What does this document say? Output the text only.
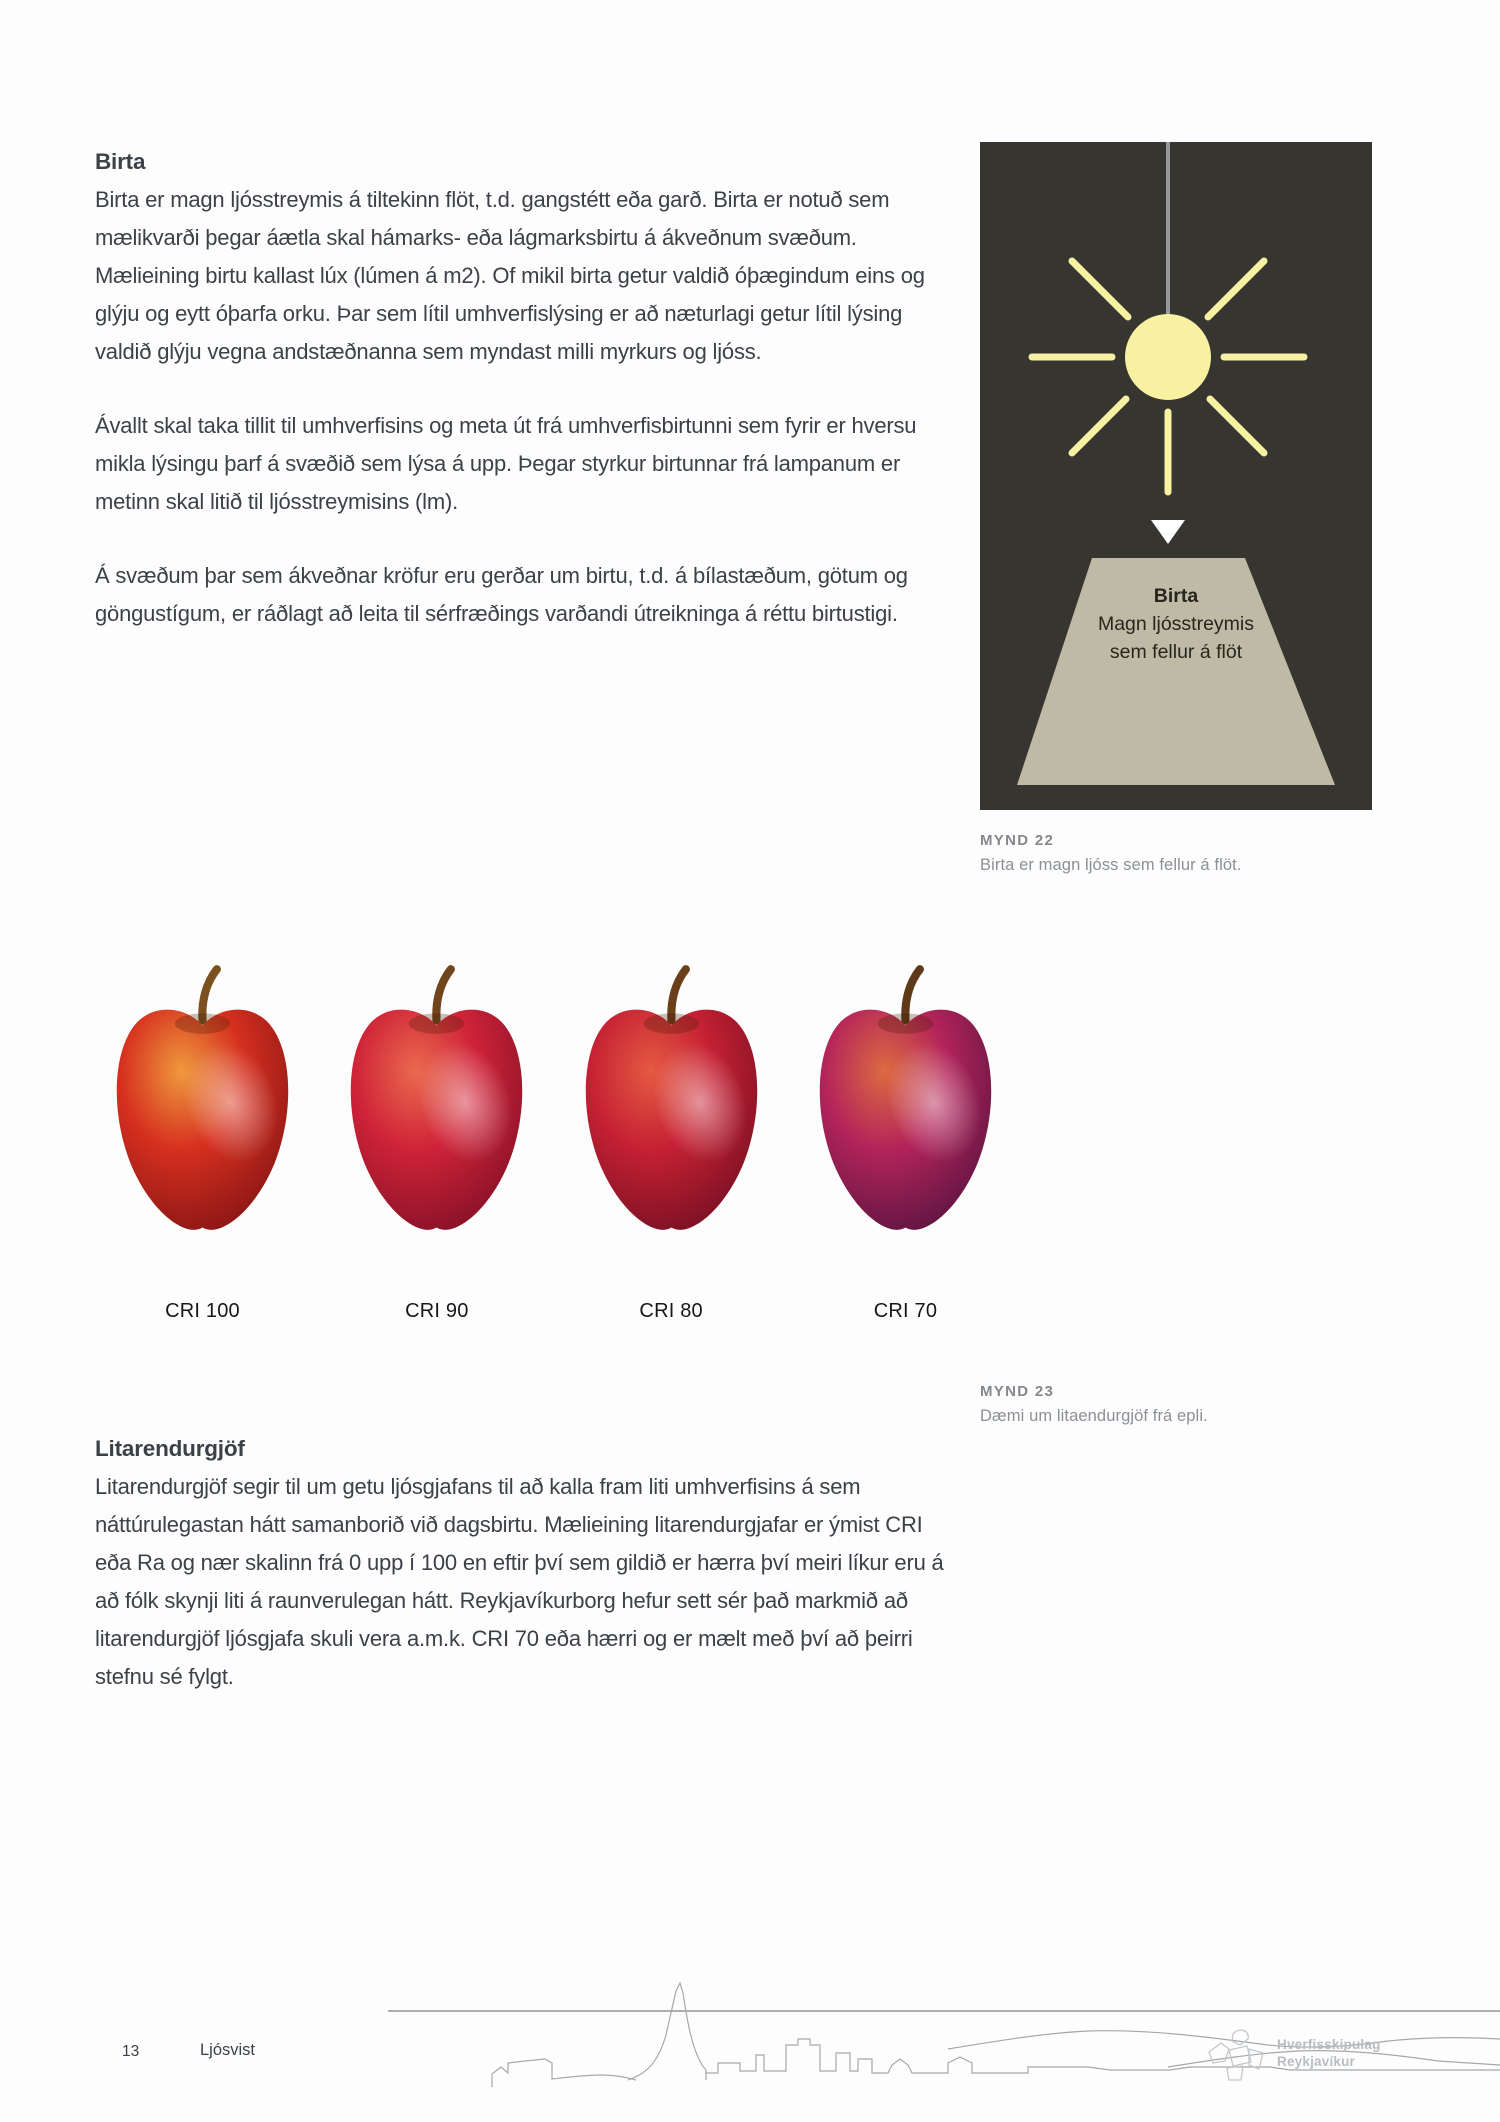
Birta

Birta er magn ljósstreymis á tiltekinn flöt, t.d. gangstétt eða garð. Birta er notuð sem mælikvarði þegar áætla skal hámarks- eða lágmarksbirtu á ákveðnum svæðum. Mælieining birtu kallast lúx (lúmen á m2). Of mikil birta getur valdið óþægindum eins og glýju og eytt óþarfa orku. Þar sem lítil umhverfislýsing er að næturlagi getur lítil lýsing valdið glýju vegna andstæðnanna sem myndast milli myrkurs og ljóss.

Ávallt skal taka tillit til umhverfisins og meta út frá umhverfisbirtunni sem fyrir er hversu mikla lýsingu þarf á svæðið sem lýsa á upp. Þegar styrkur birtunnar frá lampanum er metinn skal litið til ljósstreymisins (lm).

Á svæðum þar sem ákveðnar kröfur eru gerðar um birtu, t.d. á bílastæðum, götum og göngustígum, er ráðlagt að leita til sérfræðings varðandi útreikninga á réttu birtustigi.

Birta
Magn ljósstreymis
sem fellur á flöt
MYND 22
Birta er magn ljóss sem fellur á flöt.
CRI 100	CRI 90	CRI 80	CRI 70
MYND 23
Dæmi um litaendurgjöf frá epli.

Litarendurgjöf

Litarendurgjöf segir til um getu ljósgjafans til að kalla fram liti umhverfisins á sem náttúrulegastan hátt samanborið við dagsbirtu. Mælieining litarendurgjafar er ýmist CRI eða Ra og nær skalinn frá 0 upp í 100 en eftir því sem gildið er hærra því meiri líkur eru á að fólk skynji liti á raunverulegan hátt. Reykjavíkurborg hefur sett sér það markmið að litarendurgjöf ljósgjafa skuli vera a.m.k. CRI 70 eða hærri og er mælt með því að þeirri stefnu sé fylgt.

13	Ljósvist	Hverfisskipulag
Reykjavíkur
